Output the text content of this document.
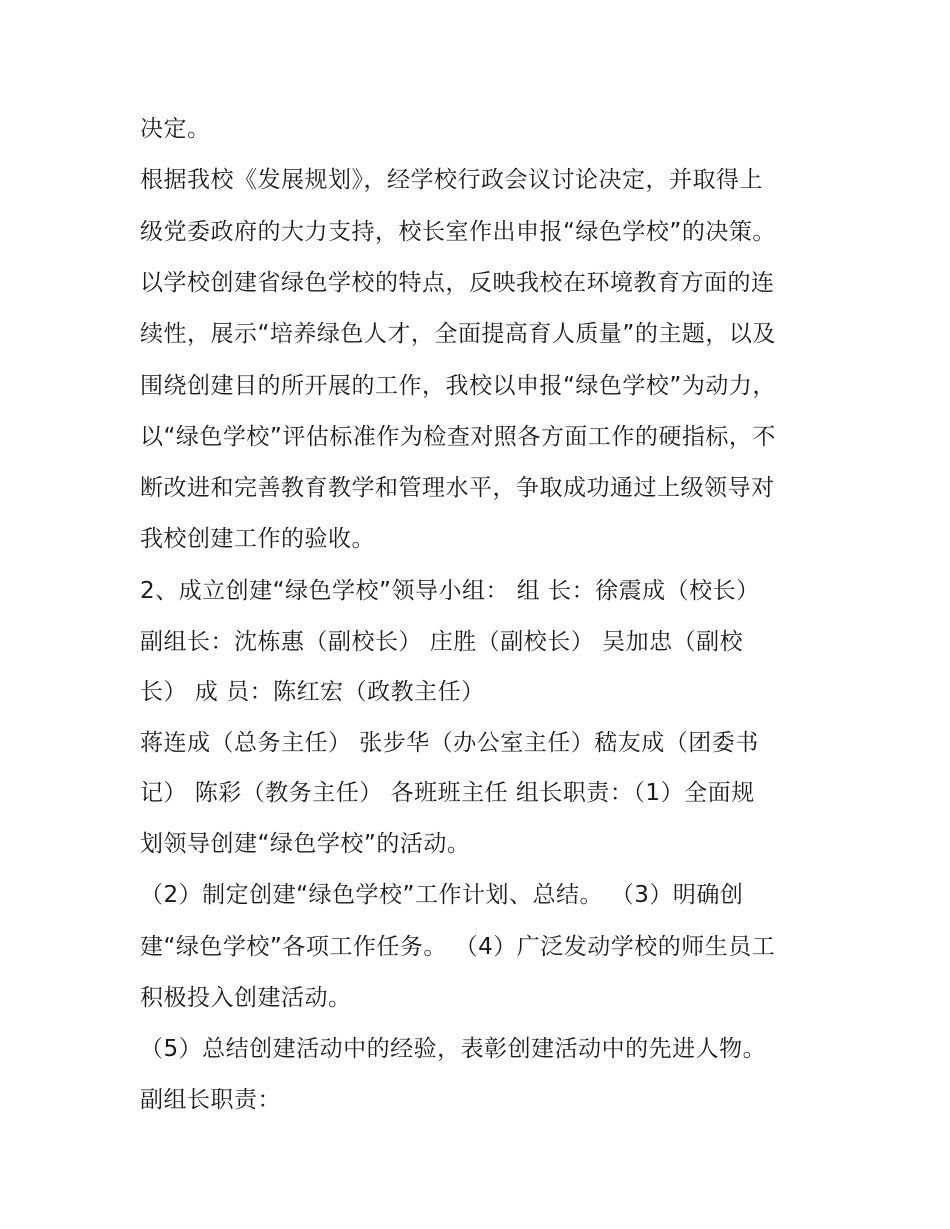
决定。
根据我校《发展规划》，经学校行政会议讨论决定，并取得上
级党委政府的大力支持，校长室作出申报“绿色学校”的决策。
以学校创建省绿色学校的特点，反映我校在环境教育方面的连
续性，展示“培养绿色人才，全面提高育人质量”的主题，以及
围绕创建目的所开展的工作，我校以申报“绿色学校”为动力，
以“绿色学校”评估标准作为检查对照各方面工作的硬指标，不
断改进和完善教育教学和管理水平，争取成功通过上级领导对
我校创建工作的验收。
2、成立创建“绿色学校”领导小组： 组 长：徐震成（校长）
副组长：沈栋惠（副校长） 庄胜（副校长） 吴加忠（副校
长） 成 员：陈红宏（政教主任）
蒋连成（总务主任） 张步华（办公室主任）嵇友成（团委书
记） 陈彩（教务主任） 各班班主任 组长职责：（1）全面规
划领导创建“绿色学校”的活动。
（2）制定创建“绿色学校”工作计划、总结。 （3）明确创
建“绿色学校”各项工作任务。 （4）广泛发动学校的师生员工
积极投入创建活动。
（5）总结创建活动中的经验，表彰创建活动中的先进人物。
副组长职责：
